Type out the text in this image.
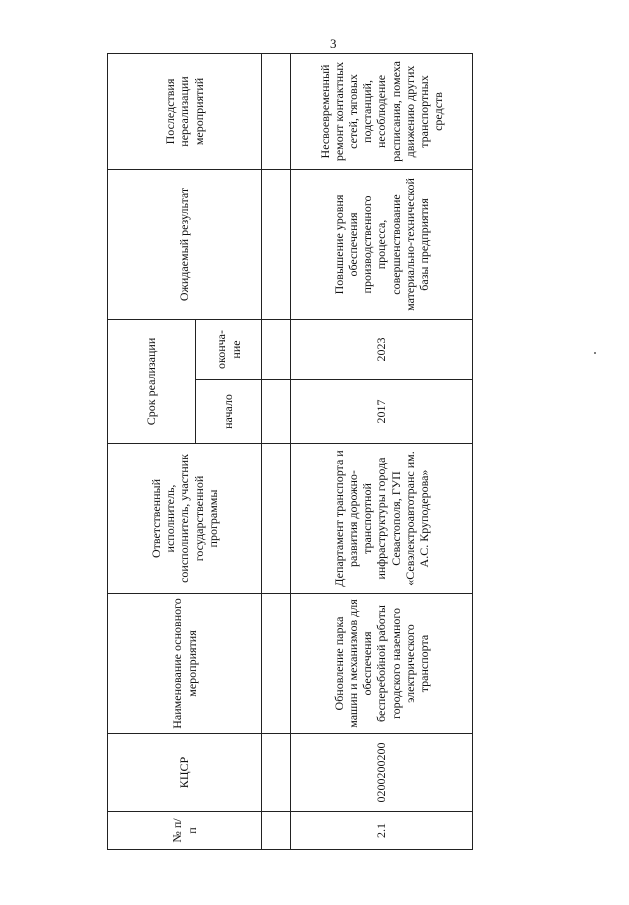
3
№ п/п	КЦСР	Наименование основного мероприятия	Ответственный исполнитель, соисполнитель, участник государственной программы	Срок реализации		Ожидаемый результат	Последствия нереализации мероприятий
				начало	оконча-ние		

2.1	0200200200	Обновление парка машин и механизмов для обеспечения бесперебойной работы городского наземного электрического транспорта	Департамент транспорта и развития дорожно-транспортной инфраструктуры города Севастополя, ГУП «Севэлектроавтотранс им. А.С. Круподерова»	2017	2023	Повышение уровня обеспечения производственного процесса, совершенствование материально-технической базы предприятия	Несвоевременный ремонт контактных сетей, тяговых подстанций, несоблюдение расписания, помеха движению других транспортных средств
